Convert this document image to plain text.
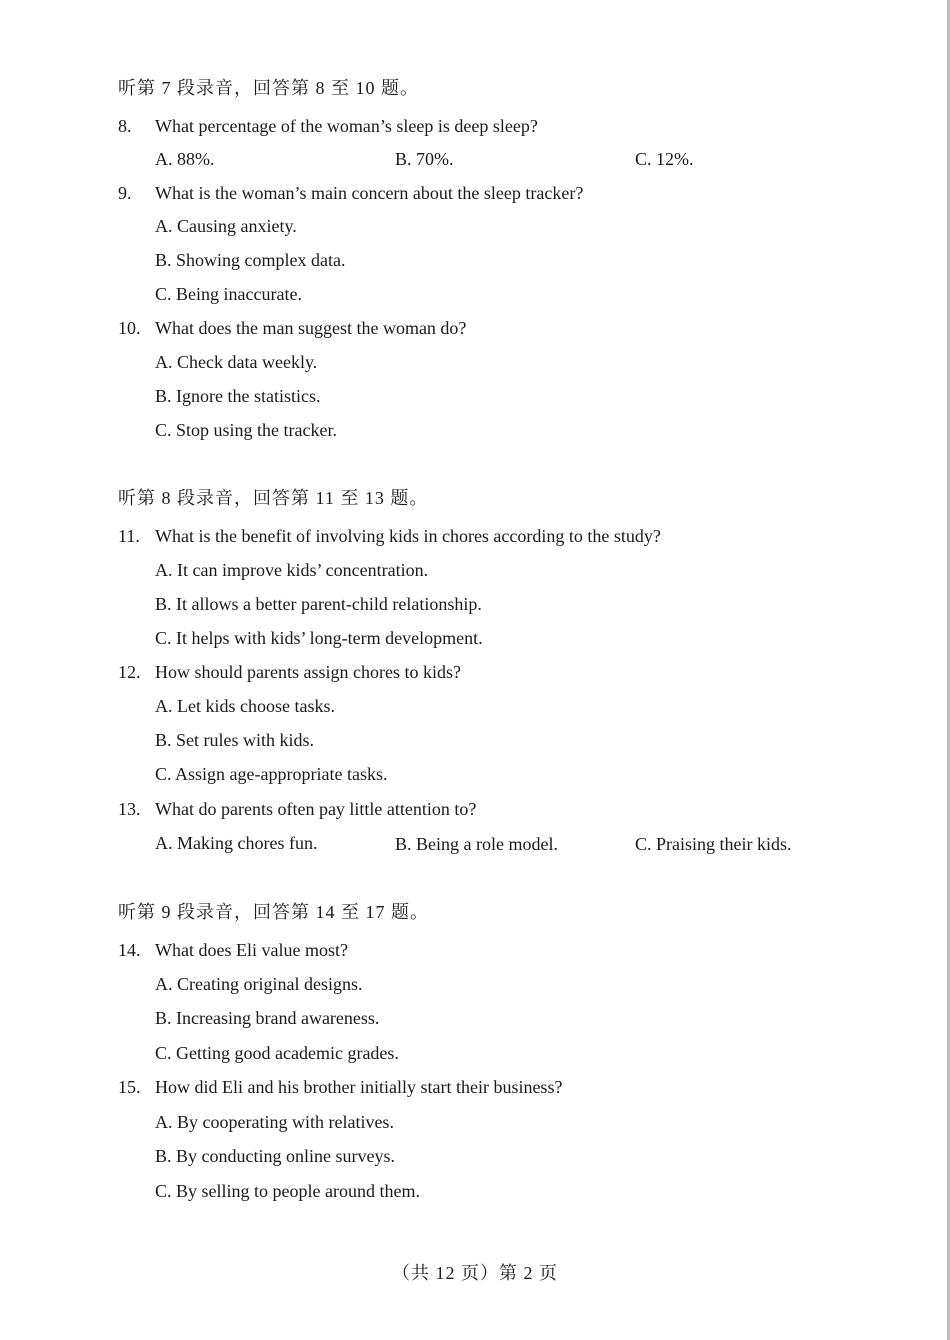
听第 7 段录音，回答第 8 至 10 题。
8. What percentage of the woman’s sleep is deep sleep?
A. 88%.	B. 70%.	C. 12%.
9. What is the woman’s main concern about the sleep tracker?
A. Causing anxiety.
B. Showing complex data.
C. Being inaccurate.
10. What does the man suggest the woman do?
A. Check data weekly.
B. Ignore the statistics.
C. Stop using the tracker.
听第 8 段录音，回答第 11 至 13 题。
11. What is the benefit of involving kids in chores according to the study?
A. It can improve kids’ concentration.
B. It allows a better parent-child relationship.
C. It helps with kids’ long-term development.
12. How should parents assign chores to kids?
A. Let kids choose tasks.
B. Set rules with kids.
C. Assign age-appropriate tasks.
13. What do parents often pay little attention to?
A. Making chores fun.	B. Being a role model.	C. Praising their kids.
听第 9 段录音，回答第 14 至 17 题。
14. What does Eli value most?
A. Creating original designs.
B. Increasing brand awareness.
C. Getting good academic grades.
15. How did Eli and his brother initially start their business?
A. By cooperating with relatives.
B. By conducting online surveys.
C. By selling to people around them.
（共 12 页）第 2 页
